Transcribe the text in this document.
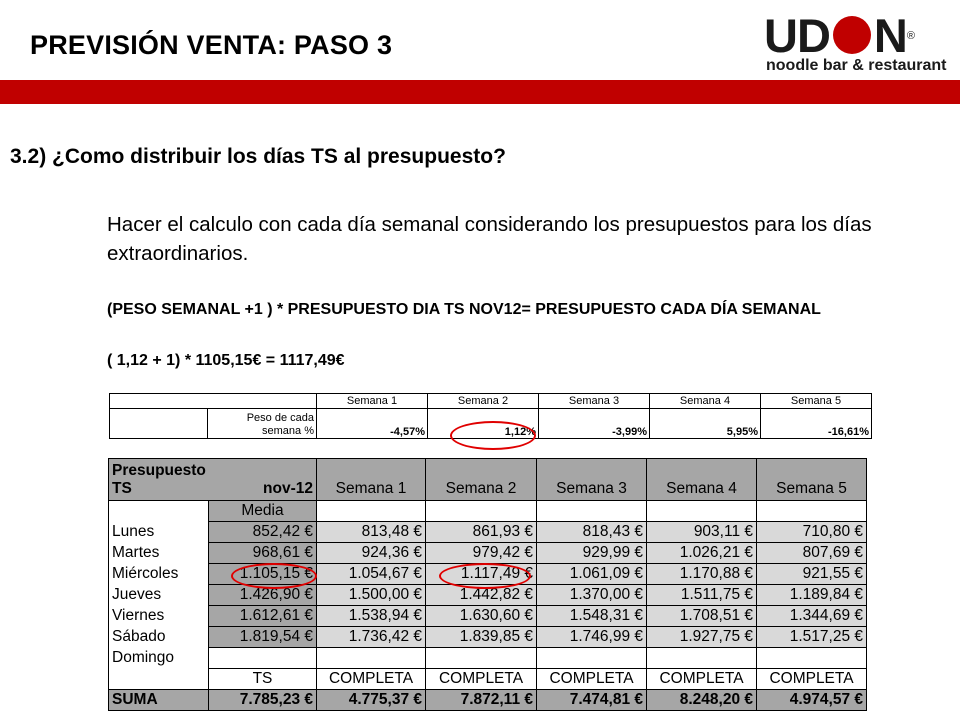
PREVISIÓN VENTA: PASO 3	UD N®
noodle bar & restaurant
3.2) ¿Como distribuir los días TS al presupuesto?
Hacer el calculo con cada día semanal considerando los presupuestos para los días extraordinarios.
(PESO SEMANAL +1 ) * PRESUPUESTO DIA TS NOV12= PRESUPUESTO CADA DÍA SEMANAL
( 1,12 + 1) * 1105,15€ = 1117,49€
		Semana 1	Semana 2	Semana 3	Semana 4	Semana 5

	Peso de cada
semana %	-4,57%	1,12%	-3,99%	5,95%	-16,61%
Presupuesto
TS nov-12		Semana 1	Semana 2	Semana 3	Semana 4	Semana 5
	Media					
Lunes	852,42 €	813,48 €	861,93 €	818,43 €	903,11 €	710,80 €
Martes	968,61 €	924,36 €	979,42 €	929,99 €	1.026,21 €	807,69 €
Miércoles	1.105,15 €	1.054,67 €	1.117,49 €	1.061,09 €	1.170,88 €	921,55 €
Jueves	1.426,90 €	1.500,00 €	1.442,82 €	1.370,00 €	1.511,75 €	1.189,84 €
Viernes	1.612,61 €	1.538,94 €	1.630,60 €	1.548,31 €	1.708,51 €	1.344,69 €
Sábado	1.819,54 €	1.736,42 €	1.839,85 €	1.746,99 €	1.927,75 €	1.517,25 €
Domingo						
	TS	COMPLETA	COMPLETA	COMPLETA	COMPLETA	COMPLETA
SUMA	7.785,23 €	4.775,37 €	7.872,11 €	7.474,81 €	8.248,20 €	4.974,57 €
